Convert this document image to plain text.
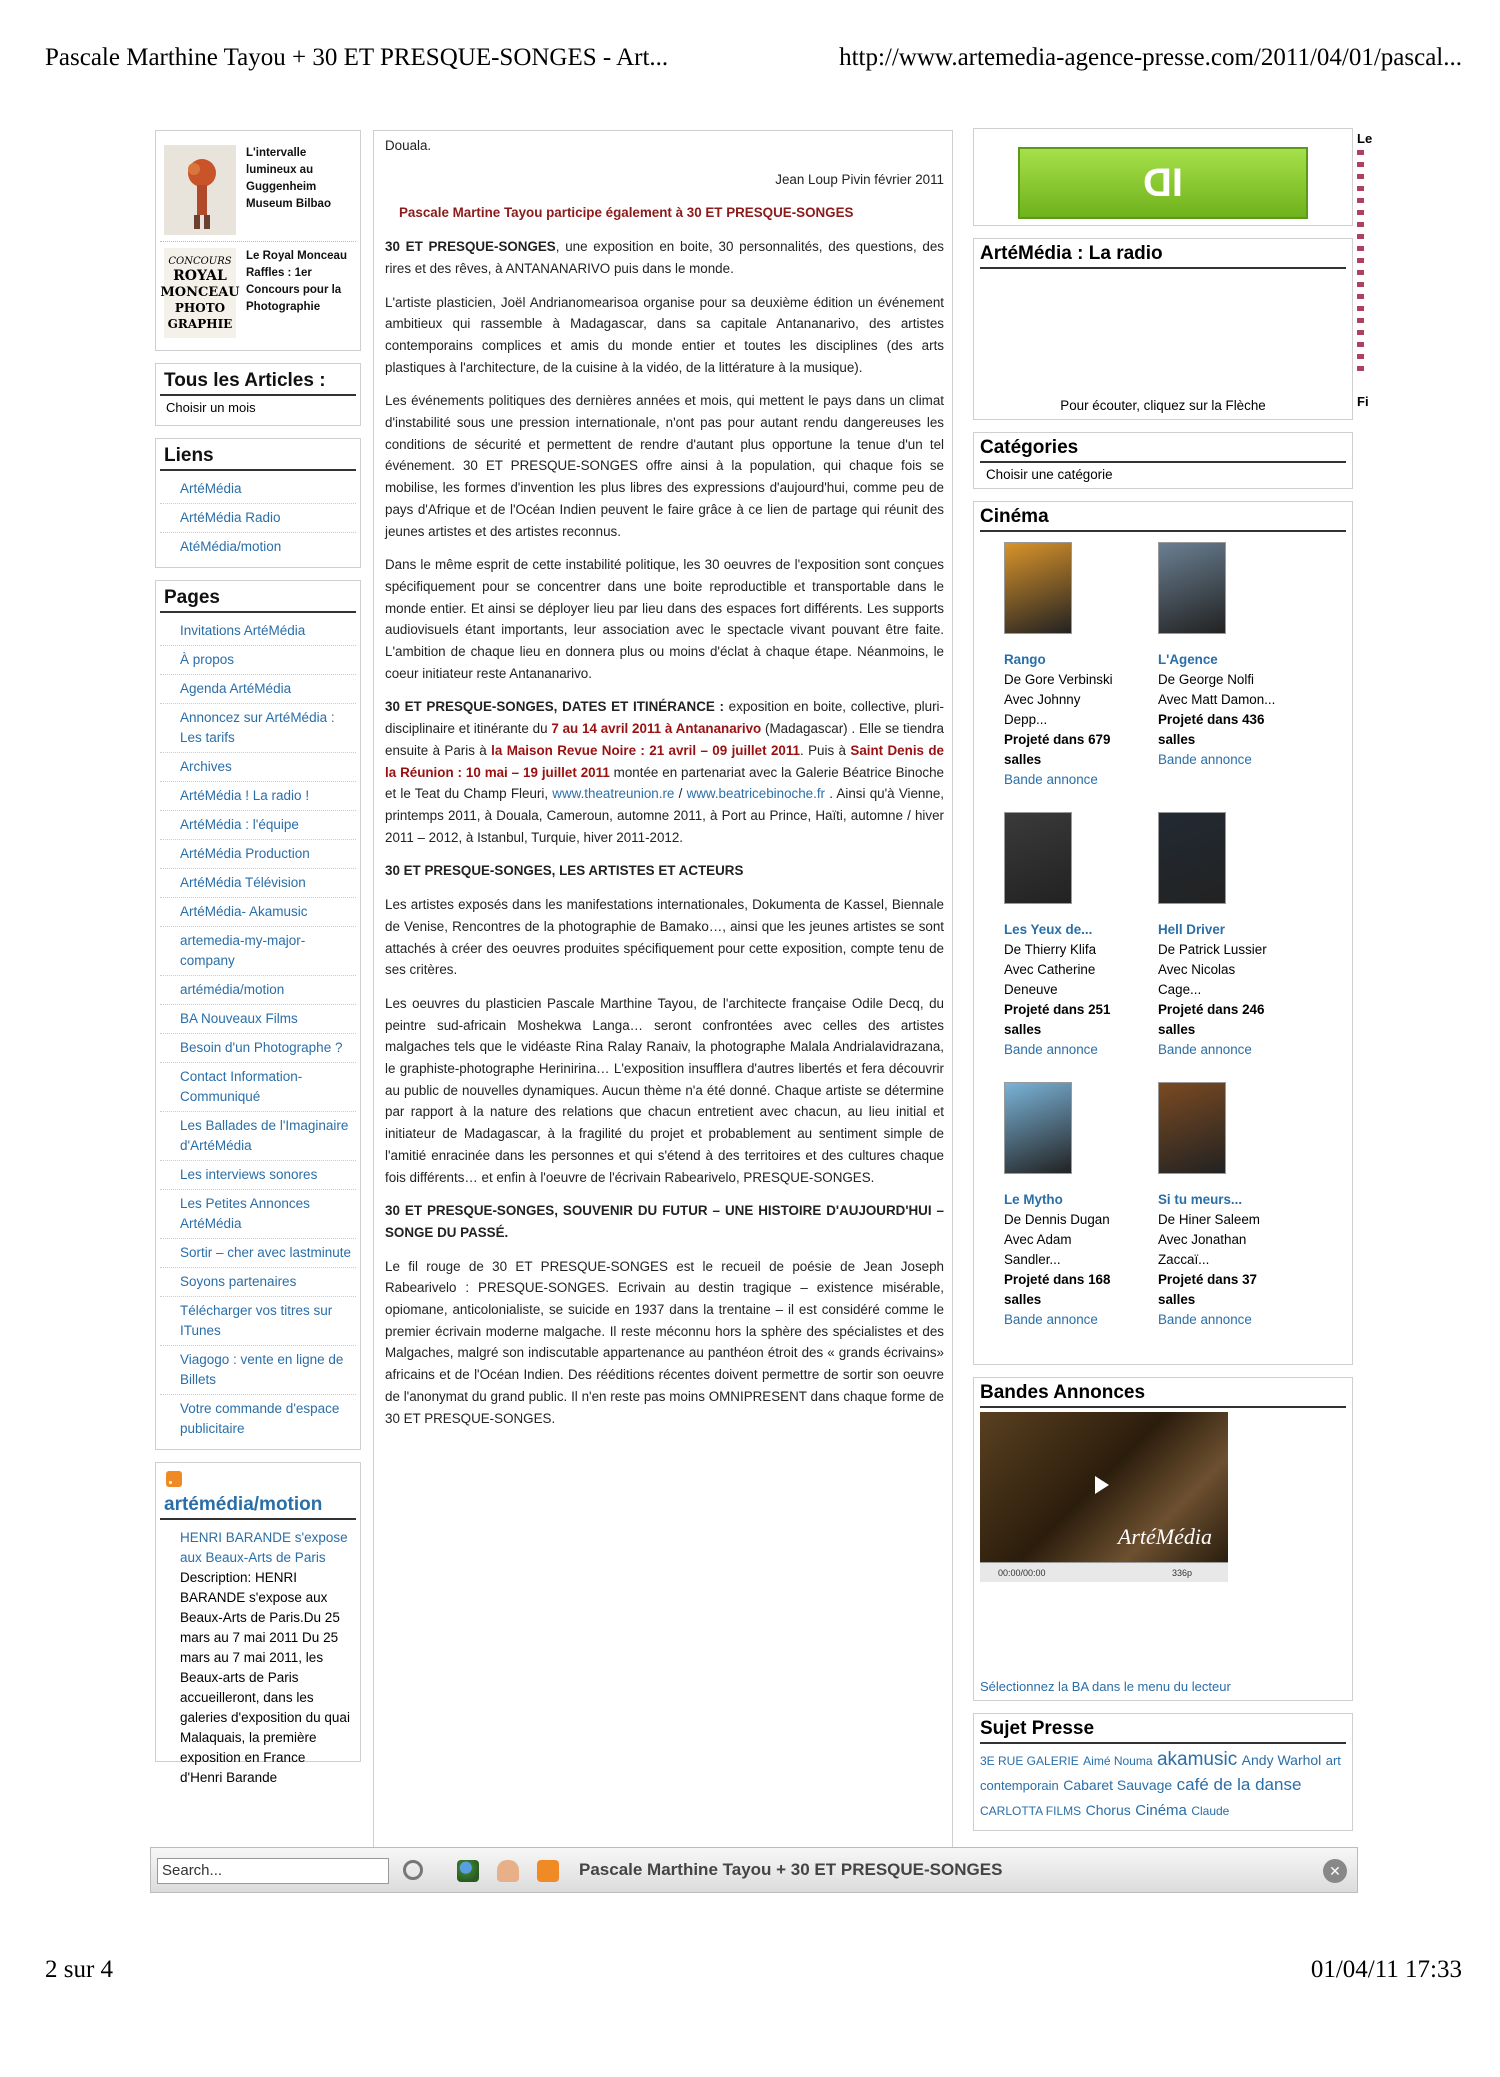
Pascale Marthine Tayou + 30 ET PRESQUE-SONGES - Art...	http://www.artemedia-agence-presse.com/2011/04/01/pascal...
L'intervalle lumineux au Guggenheim Museum Bilbao
CONCOURS
ROYAL
MONCEAU
PHOTO
GRAPHIE
Le Royal Monceau Raffles : 1er Concours pour la Photographie
Tous les Articles :
Choisir un mois
Liens
ArtéMédia
ArtéMédia Radio
AtéMédia/motion
Pages
Invitations ArtéMédia
À propos
Agenda ArtéMédia
Annoncez sur ArtéMédia : Les tarifs
Archives
ArtéMédia ! La radio !
ArtéMédia : l'équipe
ArtéMédia Production
ArtéMédia Télévision
ArtéMédia- Akamusic
artemedia-my-major-company
artémédia/motion
BA Nouveaux Films
Besoin d'un Photographe ?
Contact Information-Communiqué
Les Ballades de l'Imaginaire d'ArtéMédia
Les interviews sonores
Les Petites Annonces ArtéMédia
Sortir – cher avec lastminute
Soyons partenaires
Télécharger vos titres sur ITunes
Viagogo : vente en ligne de Billets
Votre commande d'espace publicitaire
artémédia/motion
HENRI BARANDE s'expose aux Beaux-Arts de Paris
Description: HENRI BARANDE s'expose aux Beaux-Arts de Paris.Du 25 mars au 7 mai 2011 Du 25 mars au 7 mai 2011, les Beaux-arts de Paris accueilleront, dans les galeries d'exposition du quai Malaquais, la première exposition en France d'Henri Barande

Douala.

Jean Loup Pivin février 2011

Pascale Martine Tayou participe également à 30 ET PRESQUE-SONGES

30 ET PRESQUE-SONGES, une exposition en boite, 30 personnalités, des questions, des rires et des rêves, à ANTANANARIVO puis dans le monde.

L'artiste plasticien, Joël Andrianomearisoa organise pour sa deuxième édition un événement ambitieux qui rassemble à Madagascar, dans sa capitale Antananarivo, des artistes contemporains complices et amis du monde entier et toutes les disciplines (des arts plastiques à l'architecture, de la cuisine à la vidéo, de la littérature à la musique).

Les événements politiques des dernières années et mois, qui mettent le pays dans un climat d'instabilité sous une pression internationale, n'ont pas pour autant rendu dangereuses les conditions de sécurité et permettent de rendre d'autant plus opportune la tenue d'un tel événement. 30 ET PRESQUE-SONGES offre ainsi à la population, qui chaque fois se mobilise, les formes d'invention les plus libres des expressions d'aujourd'hui, comme peu de pays d'Afrique et de l'Océan Indien peuvent le faire grâce à ce lien de partage qui réunit des jeunes artistes et des artistes reconnus.

Dans le même esprit de cette instabilité politique, les 30 oeuvres de l'exposition sont conçues spécifiquement pour se concentrer dans une boite reproductible et transportable dans le monde entier. Et ainsi se déployer lieu par lieu dans des espaces fort différents. Les supports audiovisuels étant importants, leur association avec le spectacle vivant pouvant être faite. L'ambition de chaque lieu en donnera plus ou moins d'éclat à chaque étape. Néanmoins, le coeur initiateur reste Antananarivo.

30 ET PRESQUE-SONGES, DATES ET ITINÉRANCE : exposition en boite, collective, pluri-disciplinaire et itinérante du 7 au 14 avril 2011 à Antananarivo (Madagascar) . Elle se tiendra ensuite à Paris à la Maison Revue Noire : 21 avril – 09 juillet 2011. Puis à Saint Denis de la Réunion : 10 mai – 19 juillet 2011 montée en partenariat avec la Galerie Béatrice Binoche et le Teat du Champ Fleuri, www.theatreunion.re / www.beatricebinoche.fr . Ainsi qu'à Vienne, printemps 2011, à Douala, Cameroun, automne 2011, à Port au Prince, Haïti, automne / hiver 2011 – 2012, à Istanbul, Turquie, hiver 2011-2012.

30 ET PRESQUE-SONGES, LES ARTISTES ET ACTEURS

Les artistes exposés dans les manifestations internationales, Dokumenta de Kassel, Biennale de Venise, Rencontres de la photographie de Bamako…, ainsi que les jeunes artistes se sont attachés à créer des oeuvres produites spécifiquement pour cette exposition, compte tenu de ses critères.

Les oeuvres du plasticien Pascale Marthine Tayou, de l'architecte française Odile Decq, du peintre sud-africain Moshekwa Langa… seront confrontées avec celles des artistes malgaches tels que le vidéaste Rina Ralay Ranaiv, la photographe Malala Andrialavidrazana, le graphiste-photographe Herinirina… L'exposition insufflera d'autres libertés et fera découvrir au public de nouvelles dynamiques. Aucun thème n'a été donné. Chaque artiste se détermine par rapport à la nature des relations que chacun entretient avec chacun, au lieu initial et initiateur de Madagascar, à la fragilité du projet et probablement au sentiment simple de l'amitié enracinée dans les personnes et qui s'étend à des territoires et des cultures chaque fois différents… et enfin à l'oeuvre de l'écrivain Rabearivelo, PRESQUE-SONGES.

30 ET PRESQUE-SONGES, SOUVENIR DU FUTUR – UNE HISTOIRE D'AUJOURD'HUI – SONGE DU PASSÉ.

Le fil rouge de 30 ET PRESQUE-SONGES est le recueil de poésie de Jean Joseph Rabearivelo : PRESQUE-SONGES. Ecrivain au destin tragique – existence misérable, opiomane, anticolonialiste, se suicide en 1937 dans la trentaine – il est considéré comme le premier écrivain moderne malgache. Il reste méconnu hors la sphère des spécialistes et des Malgaches, malgré son indiscutable appartenance au panthéon étroit des « grands écrivains» africains et de l'Océan Indien. Des rééditions récentes doivent permettre de sortir son oeuvre de l'anonymat du grand public. Il n'en reste pas moins OMNIPRESENT dans chaque forme de 30 ET PRESQUE-SONGES.

ID
ArtéMédia : La radio
Pour écouter, cliquez sur la Flèche
Catégories
Choisir une catégorie
Cinéma
Rango
De Gore Verbinski
Avec Johnny
Depp...
Projeté dans 679
salles
Bande annonce
L'Agence
De George Nolfi
Avec Matt Damon...
Projeté dans 436
salles
Bande annonce
Les Yeux de...
De Thierry Klifa
Avec Catherine
Deneuve
Projeté dans 251
salles
Bande annonce
Hell Driver
De Patrick Lussier
Avec Nicolas
Cage...
Projeté dans 246
salles
Bande annonce
Le Mytho
De Dennis Dugan
Avec Adam
Sandler...
Projeté dans 168
salles
Bande annonce
Si tu meurs...
De Hiner Saleem
Avec Jonathan
Zaccaï...
Projeté dans 37
salles
Bande annonce
Bandes Annonces
ArtéMédia
00:00/00:00	336p
Sélectionnez la BA dans le menu du lecteur
Sujet Presse
3E RUE GALERIE Aimé Nouma akamusic Andy Warhol art contemporain Cabaret Sauvage café de la danse CARLOTTA FILMS Chorus Cinéma Claude
Le
Fi
Search...	Pascale Marthine Tayou + 30 ET PRESQUE-SONGES	✕
2 sur 4	01/04/11 17:33
